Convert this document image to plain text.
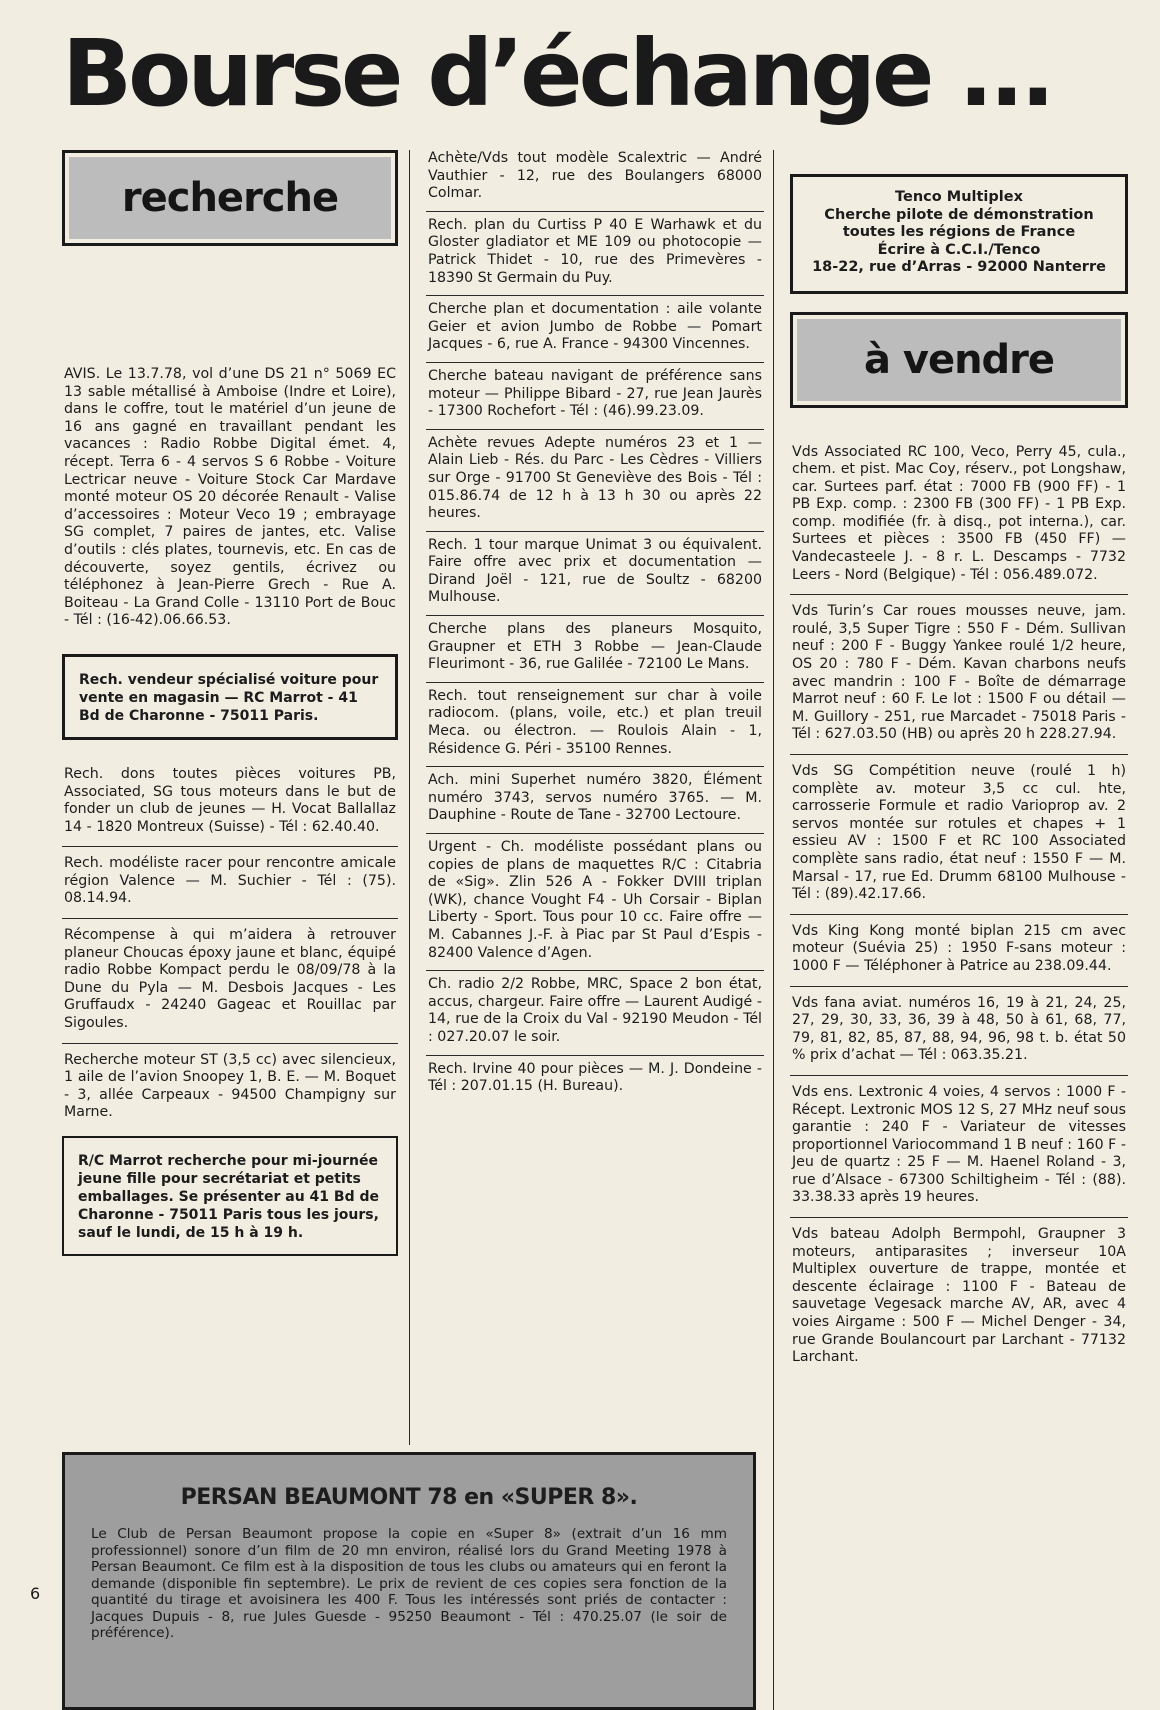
Bourse d’échange ...
recherche
AVIS. Le 13.7.78, vol d’une DS 21 n° 5069 EC 13 sable métallisé à Amboise (Indre et Loire), dans le coffre, tout le matériel d’un jeune de 16 ans gagné en travaillant pendant les vacances : Radio Robbe Digital émet. 4, récept. Terra 6 - 4 servos S 6 Robbe - Voiture Lectricar neuve - Voiture Stock Car Mardave monté moteur OS 20 décorée Renault - Valise d’accessoires : Moteur Veco 19 ; embrayage SG complet, 7 paires de jantes, etc. Valise d’outils : clés plates, tournevis, etc. En cas de découverte, soyez gentils, écrivez ou téléphonez à Jean-Pierre Grech - Rue A. Boiteau - La Grand Colle - 13110 Port de Bouc - Tél : (16-42).06.66.53.
Rech. vendeur spécialisé voiture pour vente en magasin — RC Marrot - 41 Bd de Charonne - 75011 Paris.
Rech. dons toutes pièces voitures PB, Associated, SG tous moteurs dans le but de fonder un club de jeunes — H. Vocat Ballallaz 14 - 1820 Montreux (Suisse) - Tél : 62.40.40.
Rech. modéliste racer pour rencontre amicale région Valence — M. Suchier - Tél : (75). 08.14.94.
Récompense à qui m’aidera à retrouver planeur Choucas époxy jaune et blanc, équipé radio Robbe Kompact perdu le 08/09/78 à la Dune du Pyla — M. Desbois Jacques - Les Gruffaudx - 24240 Gageac et Rouillac par Sigoules.
Recherche moteur ST (3,5 cc) avec silencieux, 1 aile de l’avion Snoopey 1, B. E. — M. Boquet - 3, allée Carpeaux - 94500 Champigny sur Marne.
R/C Marrot recherche pour mi-journée jeune fille pour secrétariat et petits emballages. Se présenter au 41 Bd de Charonne - 75011 Paris tous les jours, sauf le lundi, de 15 h à 19 h.
Achète/Vds tout modèle Scalextric — André Vauthier - 12, rue des Boulangers 68000 Colmar.
Rech. plan du Curtiss P 40 E Warhawk et du Gloster gladiator et ME 109 ou photocopie — Patrick Thidet - 10, rue des Primevères - 18390 St Germain du Puy.
Cherche plan et documentation : aile volante Geier et avion Jumbo de Robbe — Pomart Jacques - 6, rue A. France - 94300 Vincennes.
Cherche bateau navigant de préférence sans moteur — Philippe Bibard - 27, rue Jean Jaurès - 17300 Rochefort - Tél : (46).99.23.09.
Achète revues Adepte numéros 23 et 1 — Alain Lieb - Rés. du Parc - Les Cèdres - Villiers sur Orge - 91700 St Geneviève des Bois - Tél : 015.86.74 de 12 h à 13 h 30 ou après 22 heures.
Rech. 1 tour marque Unimat 3 ou équivalent. Faire offre avec prix et documentation — Dirand Joël - 121, rue de Soultz - 68200 Mulhouse.
Cherche plans des planeurs Mosquito, Graupner et ETH 3 Robbe — Jean-Claude Fleurimont - 36, rue Galilée - 72100 Le Mans.
Rech. tout renseignement sur char à voile radiocom. (plans, voile, etc.) et plan treuil Meca. ou électron. — Roulois Alain - 1, Résidence G. Péri - 35100 Rennes.
Ach. mini Superhet numéro 3820, Élément numéro 3743, servos numéro 3765. — M. Dauphine - Route de Tane - 32700 Lectoure.
Urgent - Ch. modéliste possédant plans ou copies de plans de maquettes R/C : Citabria de «Sig». Zlin 526 A - Fokker DVIII triplan (WK), chance Vought F4 - Uh Corsair - Biplan Liberty - Sport. Tous pour 10 cc. Faire offre — M. Cabannes J.-F. à Piac par St Paul d’Espis - 82400 Valence d’Agen.
Ch. radio 2/2 Robbe, MRC, Space 2 bon état, accus, chargeur. Faire offre — Laurent Audigé - 14, rue de la Croix du Val - 92190 Meudon - Tél : 027.20.07 le soir.
Rech. Irvine 40 pour pièces — M. J. Dondeine - Tél : 207.01.15 (H. Bureau).
Tenco Multiplex
Cherche pilote de démonstration
toutes les régions de France
Écrire à C.C.I./Tenco
18-22, rue d’Arras - 92000 Nanterre
à vendre
Vds Associated RC 100, Veco, Perry 45, cula., chem. et pist. Mac Coy, réserv., pot Longshaw, car. Surtees parf. état : 7000 FB (900 FF) - 1 PB Exp. comp. : 2300 FB (300 FF) - 1 PB Exp. comp. modifiée (fr. à disq., pot interna.), car. Surtees et pièces : 3500 FB (450 FF) — Vandecasteele J. - 8 r. L. Descamps - 7732 Leers - Nord (Belgique) - Tél : 056.489.072.
Vds Turin’s Car roues mousses neuve, jam. roulé, 3,5 Super Tigre : 550 F - Dém. Sullivan neuf : 200 F - Buggy Yankee roulé 1/2 heure, OS 20 : 780 F - Dém. Kavan charbons neufs avec mandrin : 100 F - Boîte de démarrage Marrot neuf : 60 F. Le lot : 1500 F ou détail — M. Guillory - 251, rue Marcadet - 75018 Paris - Tél : 627.03.50 (HB) ou après 20 h 228.27.94.
Vds SG Compétition neuve (roulé 1 h) complète av. moteur 3,5 cc cul. hte, carrosserie Formule et radio Varioprop av. 2 servos montée sur rotules et chapes + 1 essieu AV : 1500 F et RC 100 Associated complète sans radio, état neuf : 1550 F — M. Marsal - 17, rue Ed. Drumm 68100 Mulhouse - Tél : (89).42.17.66.
Vds King Kong monté biplan 215 cm avec moteur (Suévia 25) : 1950 F-sans moteur : 1000 F — Téléphoner à Patrice au 238.09.44.
Vds fana aviat. numéros 16, 19 à 21, 24, 25, 27, 29, 30, 33, 36, 39 à 48, 50 à 61, 68, 77, 79, 81, 82, 85, 87, 88, 94, 96, 98 t. b. état 50 % prix d’achat — Tél : 063.35.21.
Vds ens. Lextronic 4 voies, 4 servos : 1000 F - Récept. Lextronic MOS 12 S, 27 MHz neuf sous garantie : 240 F - Variateur de vitesses proportionnel Variocommand 1 B neuf : 160 F - Jeu de quartz : 25 F — M. Haenel Roland - 3, rue d’Alsace - 67300 Schiltigheim - Tél : (88). 33.38.33 après 19 heures.
Vds bateau Adolph Bermpohl, Graupner 3 moteurs, antiparasites ; inverseur 10A Multiplex ouverture de trappe, montée et descente éclairage : 1100 F - Bateau de sauvetage Vegesack marche AV, AR, avec 4 voies Airgame : 500 F — Michel Denger - 34, rue Grande Boulancourt par Larchant - 77132 Larchant.
PERSAN BEAUMONT 78 en «SUPER 8».
Le Club de Persan Beaumont propose la copie en «Super 8» (extrait d’un 16 mm professionnel) sonore d’un film de 20 mn environ, réalisé lors du Grand Meeting 1978 à Persan Beaumont. Ce film est à la disposition de tous les clubs ou amateurs qui en feront la demande (disponible fin septembre). Le prix de revient de ces copies sera fonction de la quantité du tirage et avoisinera les 400 F. Tous les intéressés sont priés de contacter : Jacques Dupuis - 8, rue Jules Guesde - 95250 Beaumont - Tél : 470.25.07 (le soir de préférence).
6
